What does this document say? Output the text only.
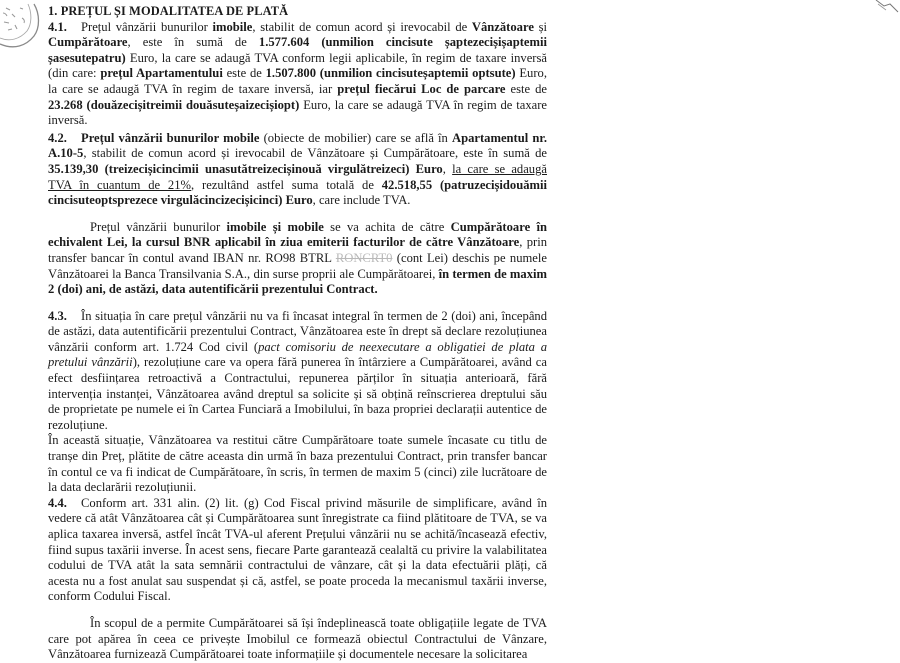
1. PREȚUL ȘI MODALITATEA DE PLATĂ

4.1. Prețul vânzării bunurilor imobile, stabilit de comun acord și irevocabil de Vânzătoare și Cumpărătoare, este în sumă de 1.577.604 (unmilion cincisute șaptezecișișaptemii șasesutepatru) Euro, la care se adaugă TVA conform legii aplicabile, în regim de taxare inversă (din care: prețul Apartamentului este de 1.507.800 (unmilion cincisuteșaptemii optsute) Euro, la care se adaugă TVA în regim de taxare inversă, iar prețul fiecărui Loc de parcare este de 23.268 (douăzecișitreimii douăsuteșaizecișiopt) Euro, la care se adaugă TVA în regim de taxare inversă.

4.2. Prețul vânzării bunurilor mobile (obiecte de mobilier) care se află în Apartamentul nr. A.10-5, stabilit de comun acord și irevocabil de Vânzătoare și Cumpărătoare, este în sumă de 35.139,30 (treizecișicincimii unasutătreizecișinouă virgulătreizeci) Euro, la care se adaugă TVA în cuantum de 21%, rezultând astfel suma totală de 42.518,55 (patruzecișidouămii cincisuteoptsprezece virgulăcincizecișicinci) Euro, care include TVA.

Prețul vânzării bunurilor imobile și mobile se va achita de către Cumpărătoare în echivalent Lei, la cursul BNR aplicabil în ziua emiterii facturilor de către Vânzătoare, prin transfer bancar în contul avand IBAN nr. RO98 BTRL RONCRT0 (cont Lei) deschis pe numele Vânzătoarei la Banca Transilvania S.A., din surse proprii ale Cumpărătoarei, în termen de maxim 2 (doi) ani, de astăzi, data autentificării prezentului Contract.

4.3. În situația în care prețul vânzării nu va fi încasat integral în termen de 2 (doi) ani, începând de astăzi, data autentificării prezentului Contract, Vânzătoarea este în drept să declare rezoluțiunea vânzării conform art. 1.724 Cod civil (pact comisoriu de neexecutare a obligatiei de plata a pretului vânzării), rezoluțiune care va opera fără punerea în întârziere a Cumpărătoarei, având ca efect desființarea retroactivă a Contractului, repunerea părților în situația anterioară, fără intervenția instanței, Vânzătoarea având dreptul sa solicite și să obțină reînscrierea dreptului său de proprietate pe numele ei în Cartea Funciară a Imobilului, în baza propriei declarații autentice de rezoluțiune.

În această situație, Vânzătoarea va restitui către Cumpărătoare toate sumele încasate cu titlu de tranșe din Preț, plătite de către aceasta din urmă în baza prezentului Contract, prin transfer bancar în contul ce va fi indicat de Cumpărătoare, în scris, în termen de maxim 5 (cinci) zile lucrătoare de la data declarării rezoluțiunii.

4.4. Conform art. 331 alin. (2) lit. (g) Cod Fiscal privind măsurile de simplificare, având în vedere că atât Vânzătoarea cât și Cumpărătoarea sunt înregistrate ca fiind plătitoare de TVA, se va aplica taxarea inversă, astfel încât TVA-ul aferent Prețului vânzării nu se achită/încasează efectiv, fiind supus taxării inverse. În acest sens, fiecare Parte garantează cealaltă cu privire la valabilitatea codului de TVA atât la sata semnării contractului de vânzare, cât și la data efectuării plăți, că acesta nu a fost anulat sau suspendat și că, astfel, se poate proceda la mecanismul taxării inverse, conform Codului Fiscal.

În scopul de a permite Cumpărătoarei să își îndeplinească toate obligațiile legate de TVA care pot apărea în ceea ce privește Imobilul ce formează obiectul Contractului de Vânzare, Vânzătoarea furnizează Cumpărătoarei toate informațiile și documentele necesare la solicitarea
